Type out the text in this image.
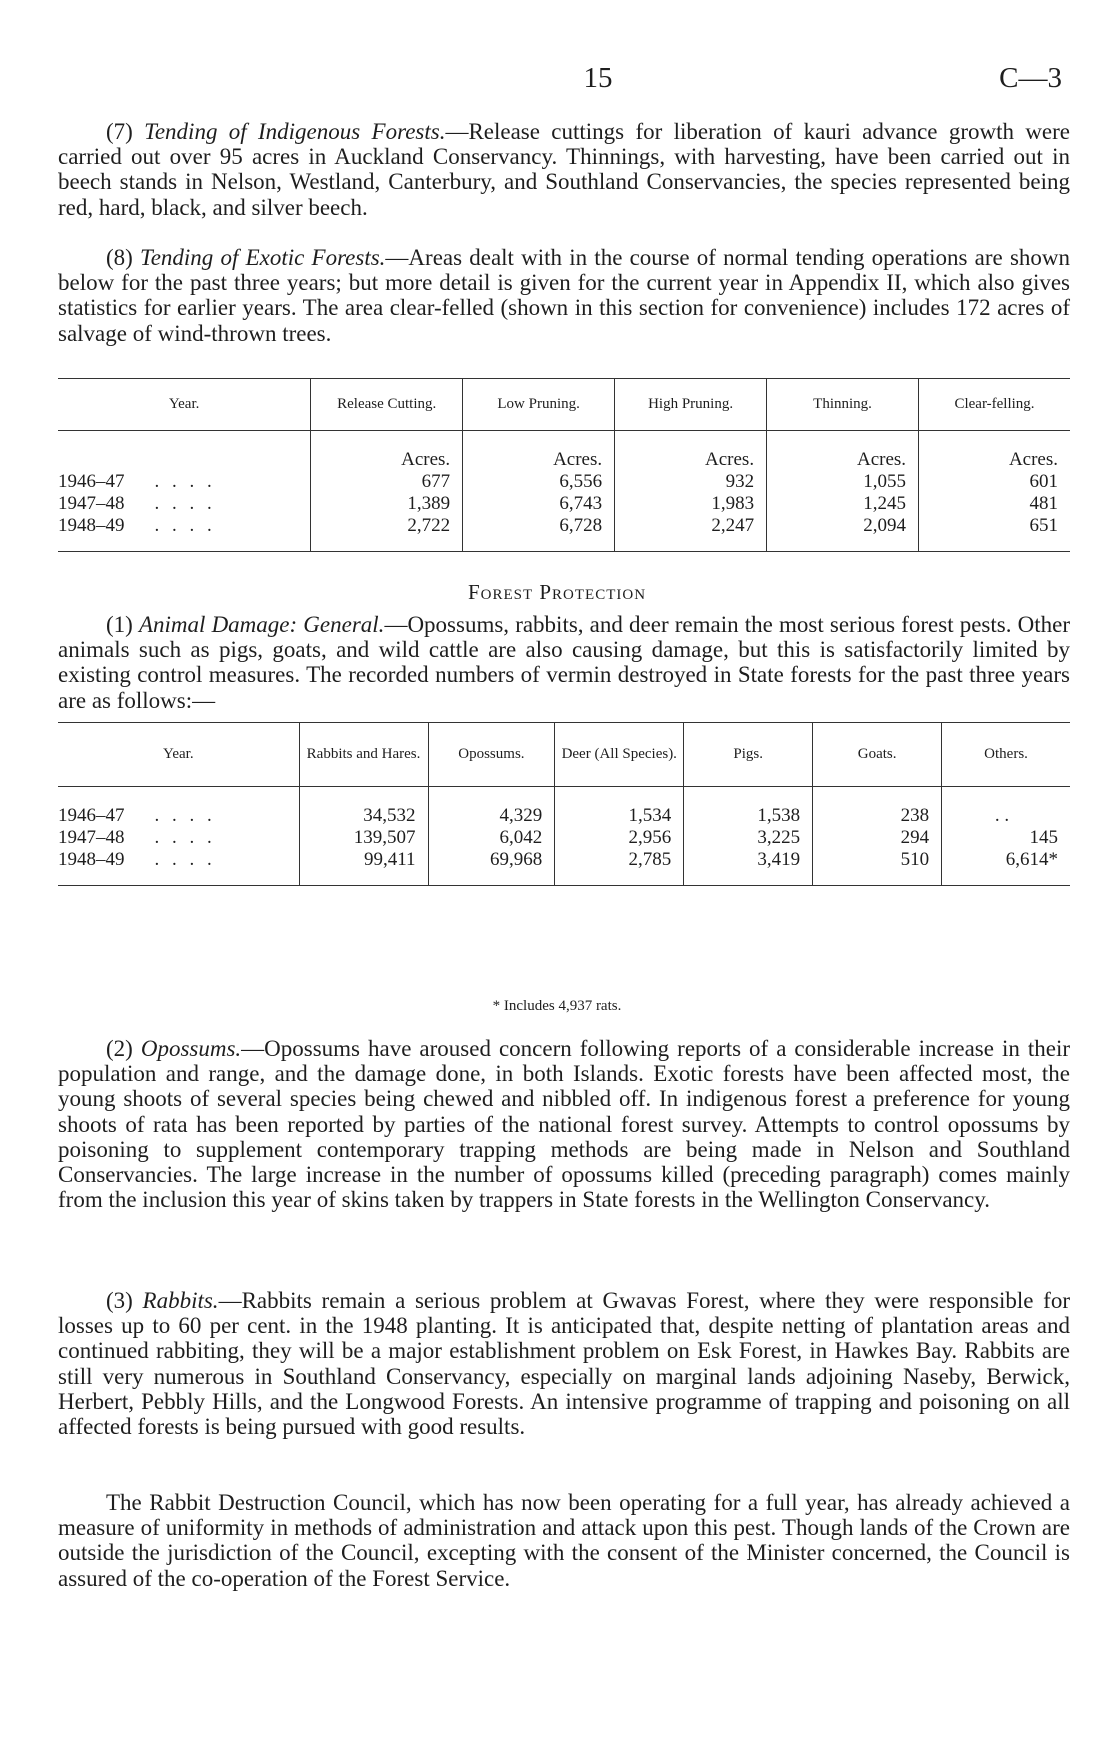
15	C—3
(7) Tending of Indigenous Forests.—Release cuttings for liberation of kauri advance growth were carried out over 95 acres in Auckland Conservancy. Thinnings, with harvesting, have been carried out in beech stands in Nelson, Westland, Canterbury, and Southland Conservancies, the species represented being red, hard, black, and silver beech.
(8) Tending of Exotic Forests.—Areas dealt with in the course of normal tending operations are shown below for the past three years; but more detail is given for the current year in Appendix II, which also gives statistics for earlier years. The area clear-felled (shown in this section for convenience) includes 172 acres of salvage of wind-thrown trees.
Year.	Release Cutting.	Low Pruning.	High Pruning.	Thinning.	Clear-felling.
	Acres.	Acres.	Acres.	Acres.	Acres.
1946–47 . . . .	677	6,556	932	1,055	601
1947–48 . . . .	1,389	6,743	1,983	1,245	481
1948–49 . . . .	2,722	6,728	2,247	2,094	651

Forest Protection
(1) Animal Damage: General.—Opossums, rabbits, and deer remain the most serious forest pests. Other animals such as pigs, goats, and wild cattle are also causing damage, but this is satisfactorily limited by existing control measures. The recorded numbers of vermin destroyed in State forests for the past three years are as follows:—
Year.	Rabbits and Hares.	Opossums.	Deer (All Species).	Pigs.	Goats.	Others.
1946–47 . . . .	34,532	4,329	1,534	1,538	238	. .
1947–48 . . . .	139,507	6,042	2,956	3,225	294	145
1948–49 . . . .	99,411	69,968	2,785	3,419	510	6,614*

* Includes 4,937 rats.
(2) Opossums.—Opossums have aroused concern following reports of a considerable increase in their population and range, and the damage done, in both Islands. Exotic forests have been affected most, the young shoots of several species being chewed and nibbled off. In indigenous forest a preference for young shoots of rata has been reported by parties of the national forest survey. Attempts to control opossums by poisoning to supplement contemporary trapping methods are being made in Nelson and Southland Conservancies. The large increase in the number of opossums killed (preceding paragraph) comes mainly from the inclusion this year of skins taken by trappers in State forests in the Wellington Conservancy.
(3) Rabbits.—Rabbits remain a serious problem at Gwavas Forest, where they were responsible for losses up to 60 per cent. in the 1948 planting. It is anticipated that, despite netting of plantation areas and continued rabbiting, they will be a major establishment problem on Esk Forest, in Hawkes Bay. Rabbits are still very numerous in Southland Conservancy, especially on marginal lands adjoining Naseby, Berwick, Herbert, Pebbly Hills, and the Longwood Forests. An intensive programme of trapping and poisoning on all affected forests is being pursued with good results.
The Rabbit Destruction Council, which has now been operating for a full year, has already achieved a measure of uniformity in methods of administration and attack upon this pest. Though lands of the Crown are outside the jurisdiction of the Council, excepting with the consent of the Minister concerned, the Council is assured of the co-operation of the Forest Service.
